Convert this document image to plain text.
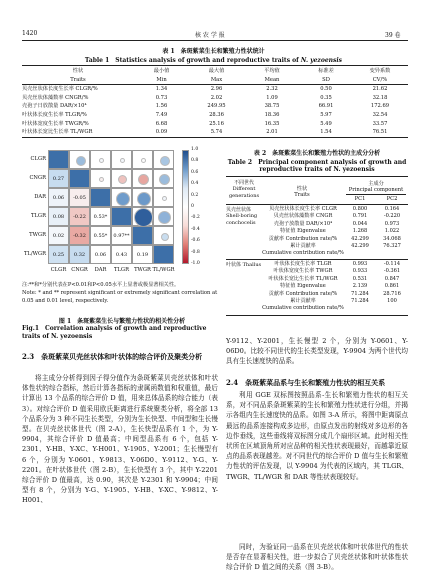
1420	核 农 学 报	39 卷
表 1　条斑紫菜生长和繁殖力性状统计
Table 1　Statistics analysis of growth and reproductive traits of N. yezoensis
性状	最小值	最大值	平均值	标准差	变异系数
Traits	Min	Max	Mean	SD	CV/%
贝壳丝状体长度生长率 CLGR/%	1.34	2.96	2.32	0.50	21.62
贝壳丝状体藻数率 CNGR/%	0.73	2.02	1.09	0.35	32.18
壳孢子日放散量 DAR/×10⁴	1.56	249.95	38.75	66.91	172.69
叶状体长度生长率 TLGR/%	7.49	28.36	18.36	5.97	32.54
叶状体宽度生长率 TWGR/%	6.68	25.16	16.35	5.49	33.57
叶状体长宽比生长率 TL/WGR	0.09	5.74	2.01	1.54	76.51
CLGR
CNGR
DAR
TLGR
TWGR
TL/WGR
CLGR CNGR	DAR	TLGR TWGR TL/WGR
0.27
0.06	-0.05
0.08	-0.22	0.53*
0.02	-0.32	0.55*	0.97**
0.25	0.32	0.06	0.43	0.19
1.0
0.8
0.6
0.4
0.2
0
-0.2
-0.4
-0.6
-0.8
-1.0
注:**和*分别代表在P<0.01和P<0.05水平上显著或极显著相关性。
Note: * and ** represent significant or extremely significant correlation at 0.05 and 0.01 level, respectively.
图 1　条斑紫菜生长与繁殖力性状的相关性分析
Fig.1　Correlation analysis of growth and reproductive traits of N. yezoensis
2.3　条斑紫菜贝壳丝状体和叶状体的综合评价及聚类分析
将主成分分析得到因子得分值作为条斑紫菜贝壳丝状体和叶状体性状的综合指标，然后计算各指标的隶属函数值和权重值，最后计算出 13 个品系的综合评价 D 值，用来总体品系的综合能力（表 3）。对综合评价 D 值采用欧氏距离进行系统聚类分析，将全部 13 个品系分为 3 种不同生长类型，分别为生长快型、中间型和生长慢型。在贝壳丝状体世代（图 2-A），生长快型品系有 1 个，为 Y-9904，其综合评价 D 值最高；中间型品系有 6 个，包括 Y-2301、Y-HB、Y-XC、Y-H001、Y-1905、Y-2001；生长慢型有 6 个，分别为 Y-0601、Y-9813、Y-06D0、Y-9112、Y-G、Y-2201。在叶状体世代（图 2-B），生长快型有 3 个，其中 Y-2201 综合评价 D 值最高，达 0.90，其次是 Y-2301 和 Y-9904；中间型有 8 个，分别为 Y-G、Y-1905、Y-HB、Y-XC、Y-9812、Y-H001、
表 2　条斑紫菜生长和繁殖力性状的主成分分析
Table 2　Principal component analysis of growth and
reproductive traits of N. yezoensis
不同世代 Different generations
性状
Traits
主成分
Principal component
PC1	PC2
贝壳丝状体 Shell-boring conchocelis
贝壳丝状体长度生长率 CLGR	0.800	0.164
贝壳丝状体藻数率 CNGR	0.791	-0.220
壳孢子放散量 DAR/×10⁴	0.044	0.973
特征值 Eigenvalue	1.268	1.022
贡献率 Contribution rate/%	42.299	34.068
累计贡献率	42.299	76.327
Cumulative contribution rate/%		
叶状体 Thallus	叶状体长度生长率 TLGR	0.993	-0.114
叶状体宽度生长率 TWGR	0.933	-0.361
叶状体长宽比生长率 TL/WGR	0.531	0.847
特征值 Eigenvalue	2.139	0.861
贡献率 Contribution rate/%	71.284	28.716
累计贡献率	71.284	100
Cumulative contribution rate/%		
Y-9112、Y-2001，生长慢型 2 个，分别为 Y-0601、Y-06D0。比较不同世代的生长类型发现，Y-9904 为两个世代均具有生长速度快的品系。
2.4　条斑紫菜品系与生长和繁殖力性状的相互关系
利用 GGE 双标图按照品系-生长和繁殖力性状的相互关系，对不同品系条斑紫菜的生长和繁殖力性状进行分组，并揭示各组内生长速度快的品系。如图 3-A 所示，将图中距离原点最远的品系连接构成多边形，由原点发出的射线对多边形的各边作垂线，这些垂线将双标图分成几个扇形区域。此时相关性状所在区域顶角所对应品种的相关性状表现最好，而越靠近原点的品系表现越差。对不同世代的综合评价 D 值与生长和繁殖力性状的评估发现，以 Y-9904 为代表的区域内，其 TLGR、TWGR、TL/WGR 和 DAR 等性状表现较好。
同时，为验证同一品系在贝壳丝状体和叶状体世代的性状是否存在显著相关性，进一步拟合了贝壳丝状体和叶状体性状综合评价 D 值之间的关系（图 3-B）。
